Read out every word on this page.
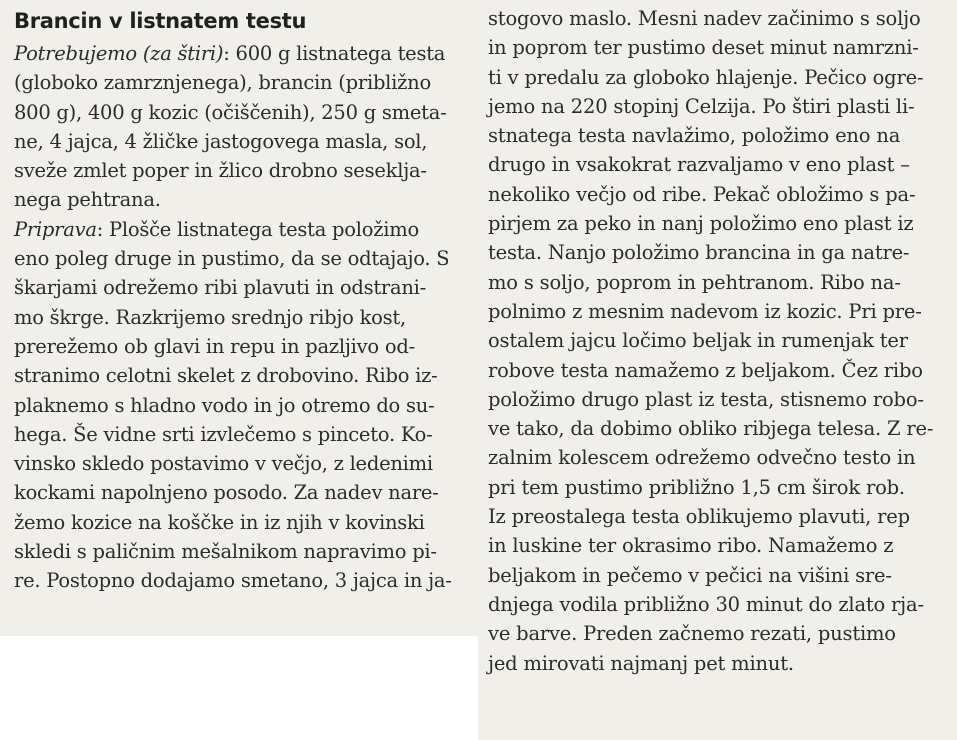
Brancin v listnatem testu
Potrebujemo (za štiri): 600 g listnatega testa
(globoko zamrznjenega), brancin (približno
800 g), 400 g kozic (očiščenih), 250 g smeta-
ne, 4 jajca, 4 žličke jastogovega masla, sol,
sveže zmlet poper in žlico drobno sesekljа-
nega pehtrana.
Priprava: Plošče listnatega testa položimo
eno poleg druge in pustimo, da se odtajajo. S
škarjami odrežemo ribi plavuti in odstrani-
mo škrge. Razkrijemo srednjo ribjo kost,
prerežemo ob glavi in repu in pazljivo od-
stranimo celotni skelet z drobovino. Ribo iz-
plaknemo s hladno vodo in jo otremo do su-
hega. Še vidne srti izvlečemo s pinceto. Ko-
vinsko skledo postavimo v večjo, z ledenimi
kockami napolnjeno posodo. Za nadev nare-
žemo kozice na koščke in iz njih v kovinski
skledi s paličnim mešalnikom napravimo pi-
re. Postopno dodajamo smetano, 3 jajca in ja-
stogovo maslo. Mesni nadev začinimo s soljo
in poprom ter pustimo deset minut namrzni-
ti v predalu za globoko hlajenje. Pečico ogre-
jemo na 220 stopinj Celzija. Po štiri plasti li-
stnatega testa navlažimo, položimo eno na
drugo in vsakokrat razvaljamo v eno plast –
nekoliko večjo od ribe. Pekač obložimo s pa-
pirjem za peko in nanj položimo eno plast iz
testa. Nanjo položimo brancina in ga natre-
mo s soljo, poprom in pehtranom. Ribo na-
polnimo z mesnim nadevom iz kozic. Pri pre-
ostalem jajcu ločimo beljak in rumenjak ter
robove testa namažemo z beljakom. Čez ribo
položimo drugo plast iz testa, stisnemo robo-
ve tako, da dobimo obliko ribjega telesa. Z re-
zalnim kolescem odrežemo odvečno testo in
pri tem pustimo približno 1,5 cm širok rob.
Iz preostalega testa oblikujemo plavuti, rep
in luskine ter okrasimo ribo. Namažemo z
beljakom in pečemo v pečici na višini sre-
dnjega vodila približno 30 minut do zlato rja-
ve barve. Preden začnemo rezati, pustimo
jed mirovati najmanj pet minut.
